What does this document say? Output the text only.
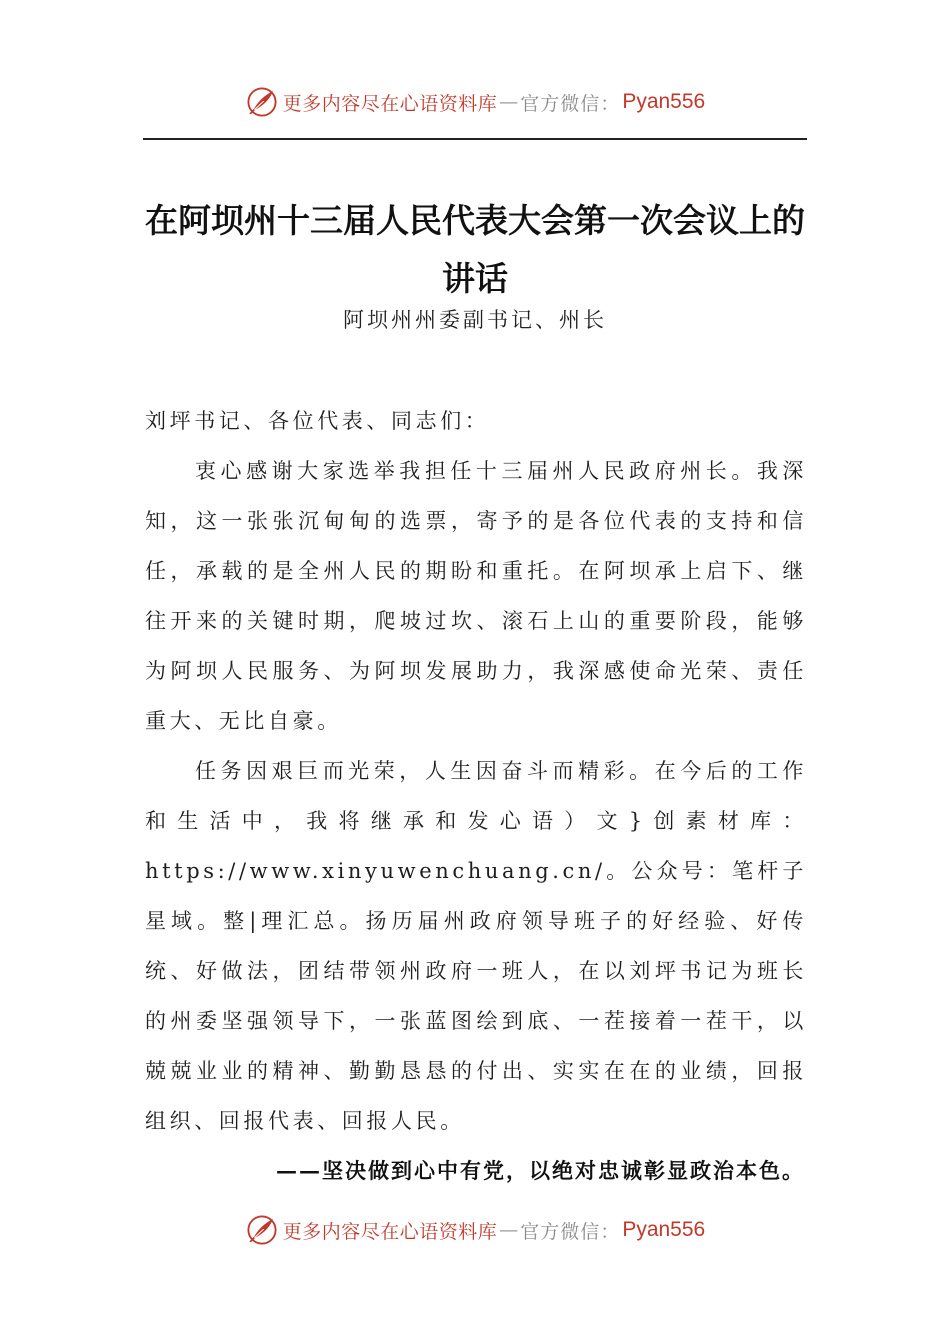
更多内容尽在心语资料库 — 官方微信： Pyan556
在阿坝州十三届人民代表大会第一次会议上的讲话

阿坝州州委副书记、州长

刘坪书记、各位代表、同志们：

衷心感谢大家选举我担任十三届州人民政府州长。我深知，这一张张沉甸甸的选票，寄予的是各位代表的支持和信任，承载的是全州人民的期盼和重托。在阿坝承上启下、继往开来的关键时期，爬坡过坎、滚石上山的重要阶段，能够为阿坝人民服务、为阿坝发展助力，我深感使命光荣、责任重大、无比自豪。

任务因艰巨而光荣，人生因奋斗而精彩。在今后的工作和生活中，我将继承和发心语）文}创素材库：https://www.xinyuwenchuang.cn/。公众号：笔杆子星域。整|理汇总。扬历届州政府领导班子的好经验、好传统、好做法，团结带领州政府一班人，在以刘坪书记为班长的州委坚强领导下，一张蓝图绘到底、一茬接着一茬干，以兢兢业业的精神、勤勤恳恳的付出、实实在在的业绩，回报组织、回报代表、回报人民。

——坚决做到心中有党，以绝对忠诚彰显政治本色。

更多内容尽在心语资料库 — 官方微信： Pyan556
